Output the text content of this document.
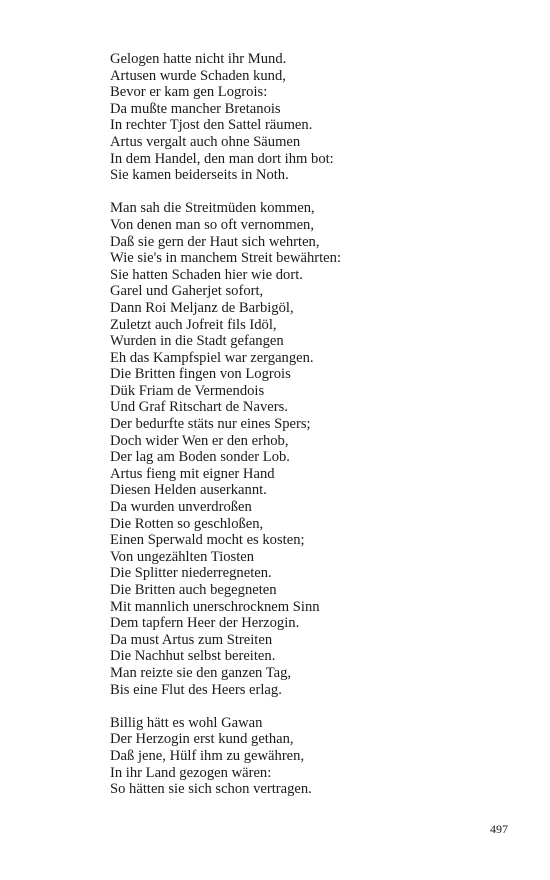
Gelogen hatte nicht ihr Mund.
Artusen wurde Schaden kund,
Bevor er kam gen Logrois:
Da mußte mancher Bretanois
In rechter Tjost den Sattel räumen.
Artus vergalt auch ohne Säumen
In dem Handel, den man dort ihm bot:
Sie kamen beiderseits in Noth.
Man sah die Streitmüden kommen,
Von denen man so oft vernommen,
Daß sie gern der Haut sich wehrten,
Wie sie's in manchem Streit bewährten:
Sie hatten Schaden hier wie dort.
Garel und Gaherjet sofort,
Dann Roi Meljanz de Barbigöl,
Zuletzt auch Jofreit fils Idöl,
Wurden in die Stadt gefangen
Eh das Kampfspiel war zergangen.
Die Britten fingen von Logrois
Dük Friam de Vermendois
Und Graf Ritschart de Navers.
Der bedurfte stäts nur eines Spers;
Doch wider Wen er den erhob,
Der lag am Boden sonder Lob.
Artus fieng mit eigner Hand
Diesen Helden auserkannt.
Da wurden unverdroßen
Die Rotten so geschloßen,
Einen Sperwald mocht es kosten;
Von ungezählten Tiosten
Die Splitter niederregneten.
Die Britten auch begegneten
Mit mannlich unerschrocknem Sinn
Dem tapfern Heer der Herzogin.
Da must Artus zum Streiten
Die Nachhut selbst bereiten.
Man reizte sie den ganzen Tag,
Bis eine Flut des Heers erlag.
Billig hätt es wohl Gawan
Der Herzogin erst kund gethan,
Daß jene, Hülf ihm zu gewähren,
In ihr Land gezogen wären:
So hätten sie sich schon vertragen.
497
